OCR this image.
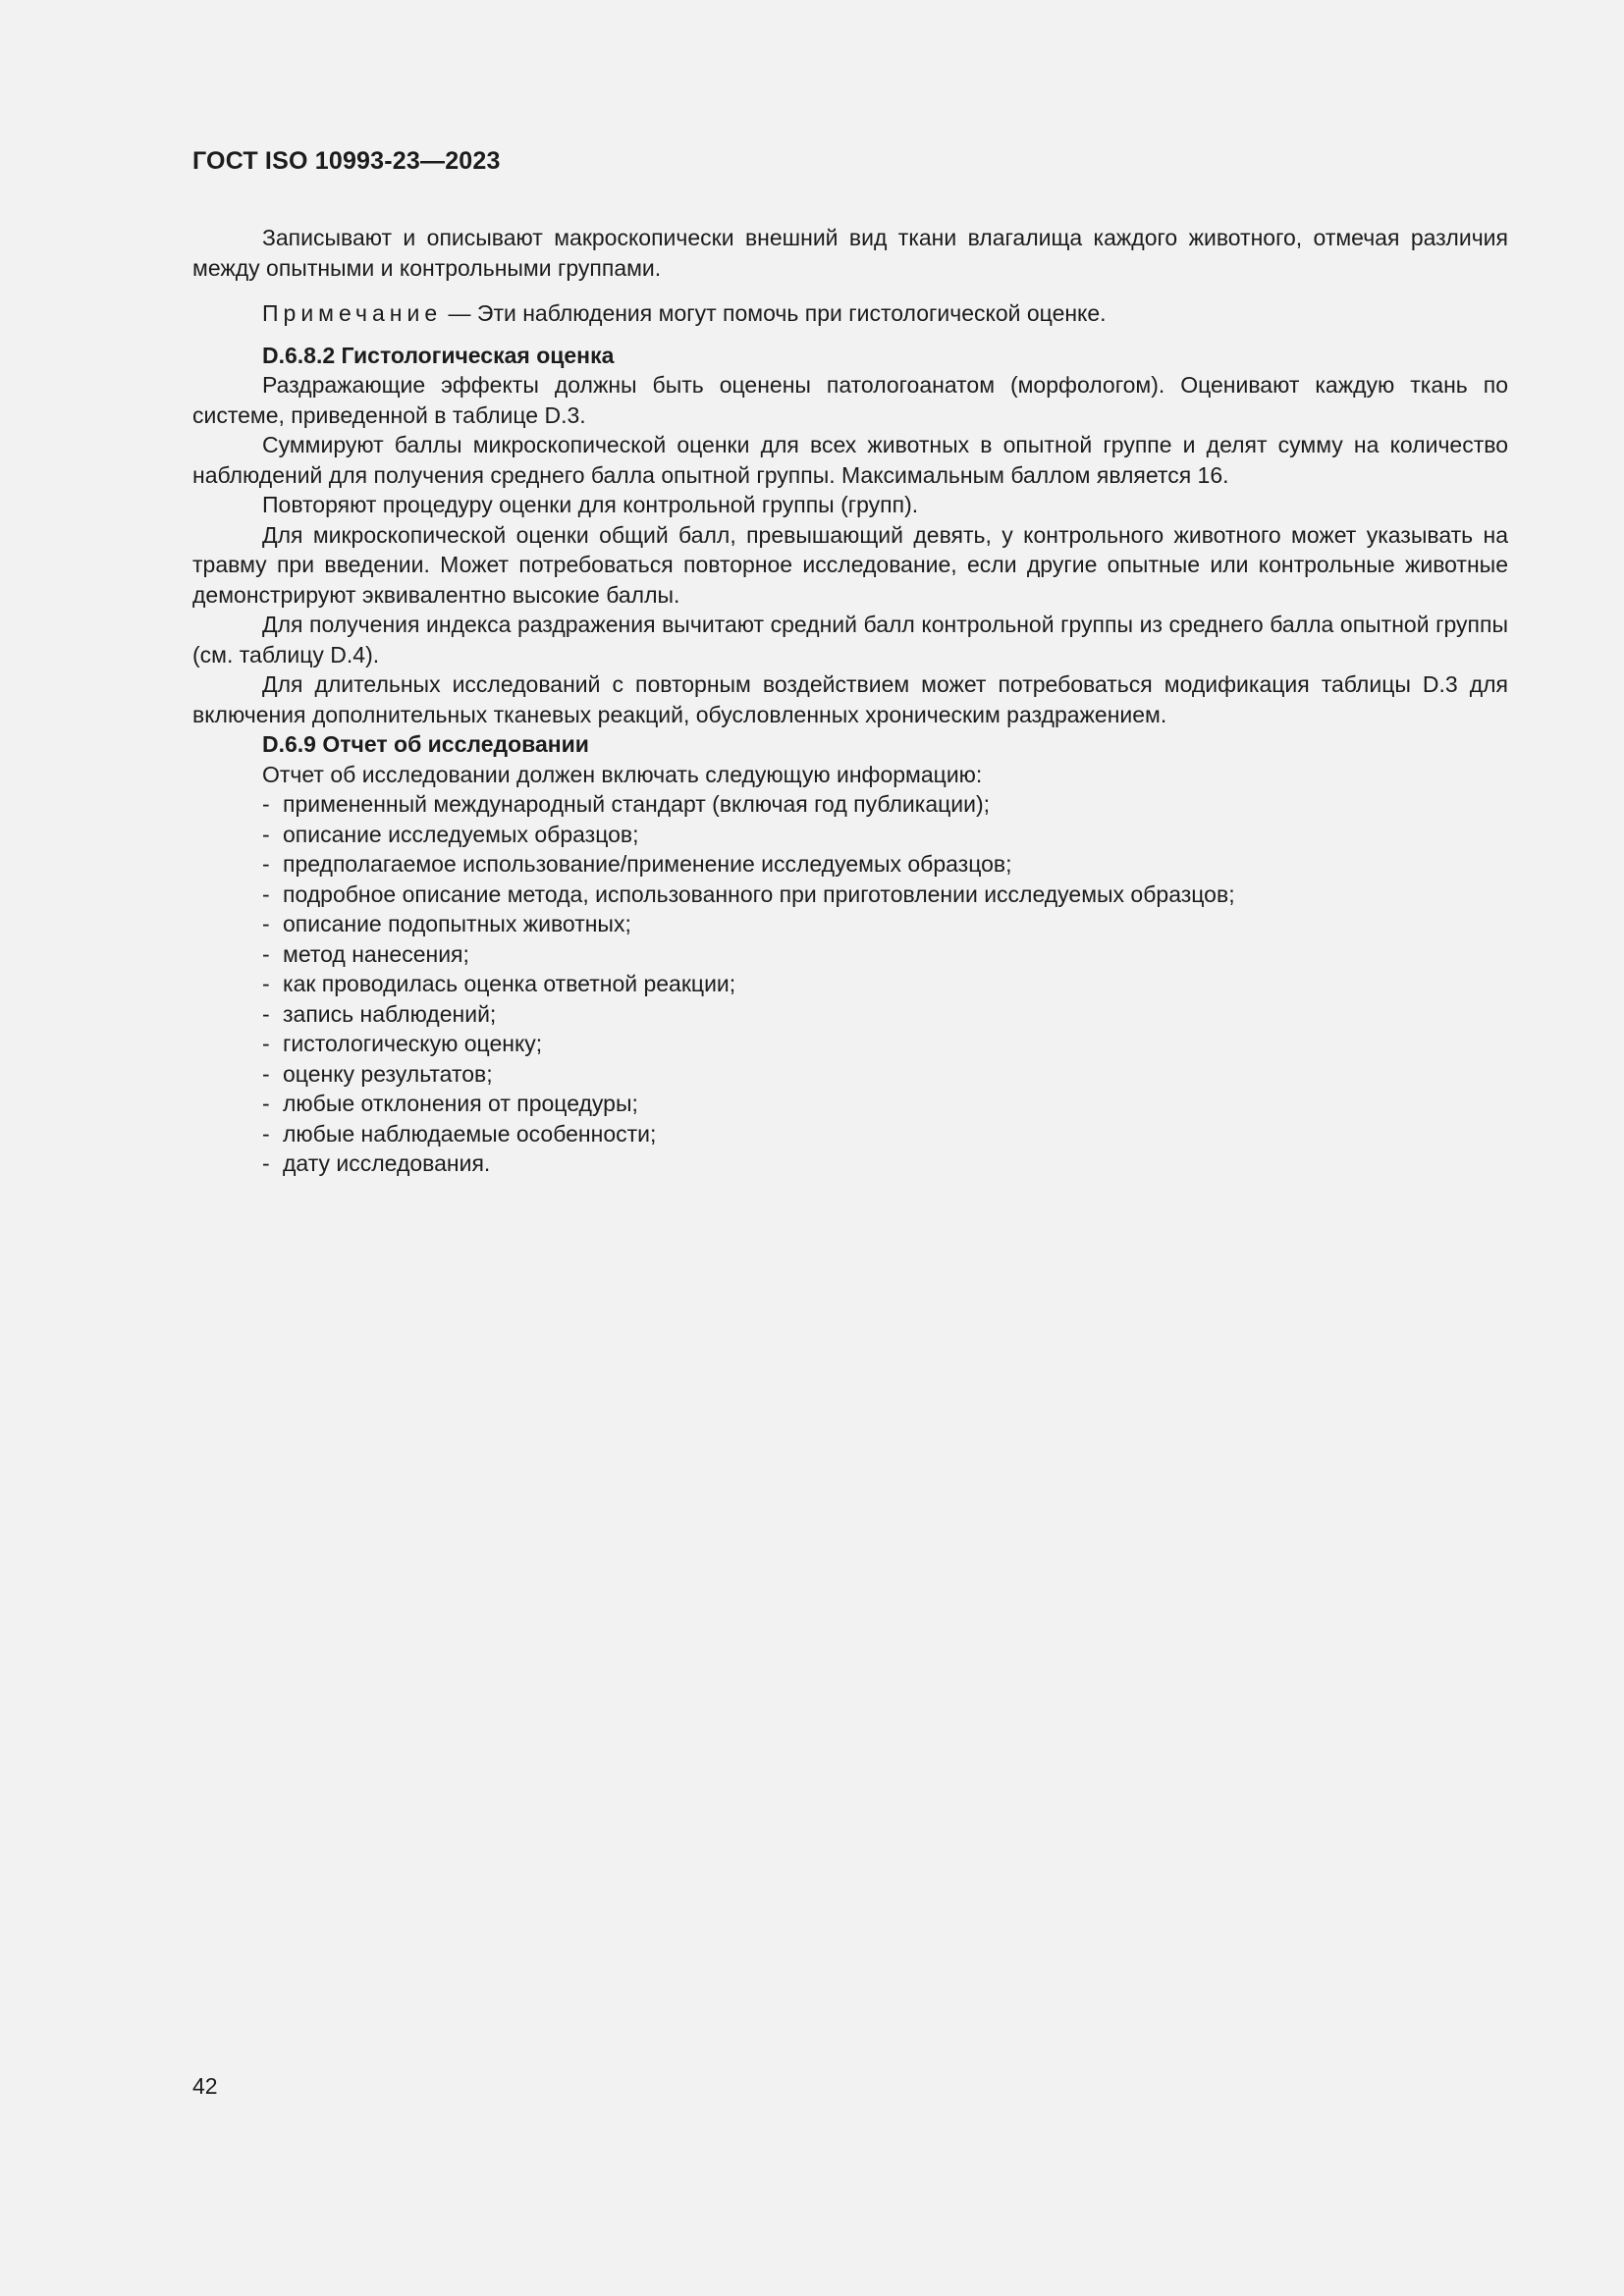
ГОСТ ISO 10993-23—2023

Записывают и описывают макроскопически внешний вид ткани влагалища каждого животного, отмечая различия между опытными и контрольными группами.

Примечание — Эти наблюдения могут помочь при гистологической оценке.

D.6.8.2 Гистологическая оценка

Раздражающие эффекты должны быть оценены патологоанатом (морфологом). Оценивают каждую ткань по системе, приведенной в таблице D.3.

Суммируют баллы микроскопической оценки для всех животных в опытной группе и делят сумму на количество наблюдений для получения среднего балла опытной группы. Максимальным баллом является 16.

Повторяют процедуру оценки для контрольной группы (групп).

Для микроскопической оценки общий балл, превышающий девять, у контрольного животного может указывать на травму при введении. Может потребоваться повторное исследование, если другие опытные или контрольные животные демонстрируют эквивалентно высокие баллы.

Для получения индекса раздражения вычитают средний балл контрольной группы из среднего балла опытной группы (см. таблицу D.4).

Для длительных исследований с повторным воздействием может потребоваться модификация таблицы D.3 для включения дополнительных тканевых реакций, обусловленных хроническим раздражением.

D.6.9 Отчет об исследовании

Отчет об исследовании должен включать следующую информацию:

- примененный международный стандарт (включая год публикации);
- описание исследуемых образцов;
- предполагаемое использование/применение исследуемых образцов;
- подробное описание метода, использованного при приготовлении исследуемых образцов;
- описание подопытных животных;
- метод нанесения;
- как проводилась оценка ответной реакции;
- запись наблюдений;
- гистологическую оценку;
- оценку результатов;
- любые отклонения от процедуры;
- любые наблюдаемые особенности;
- дату исследования.
42
